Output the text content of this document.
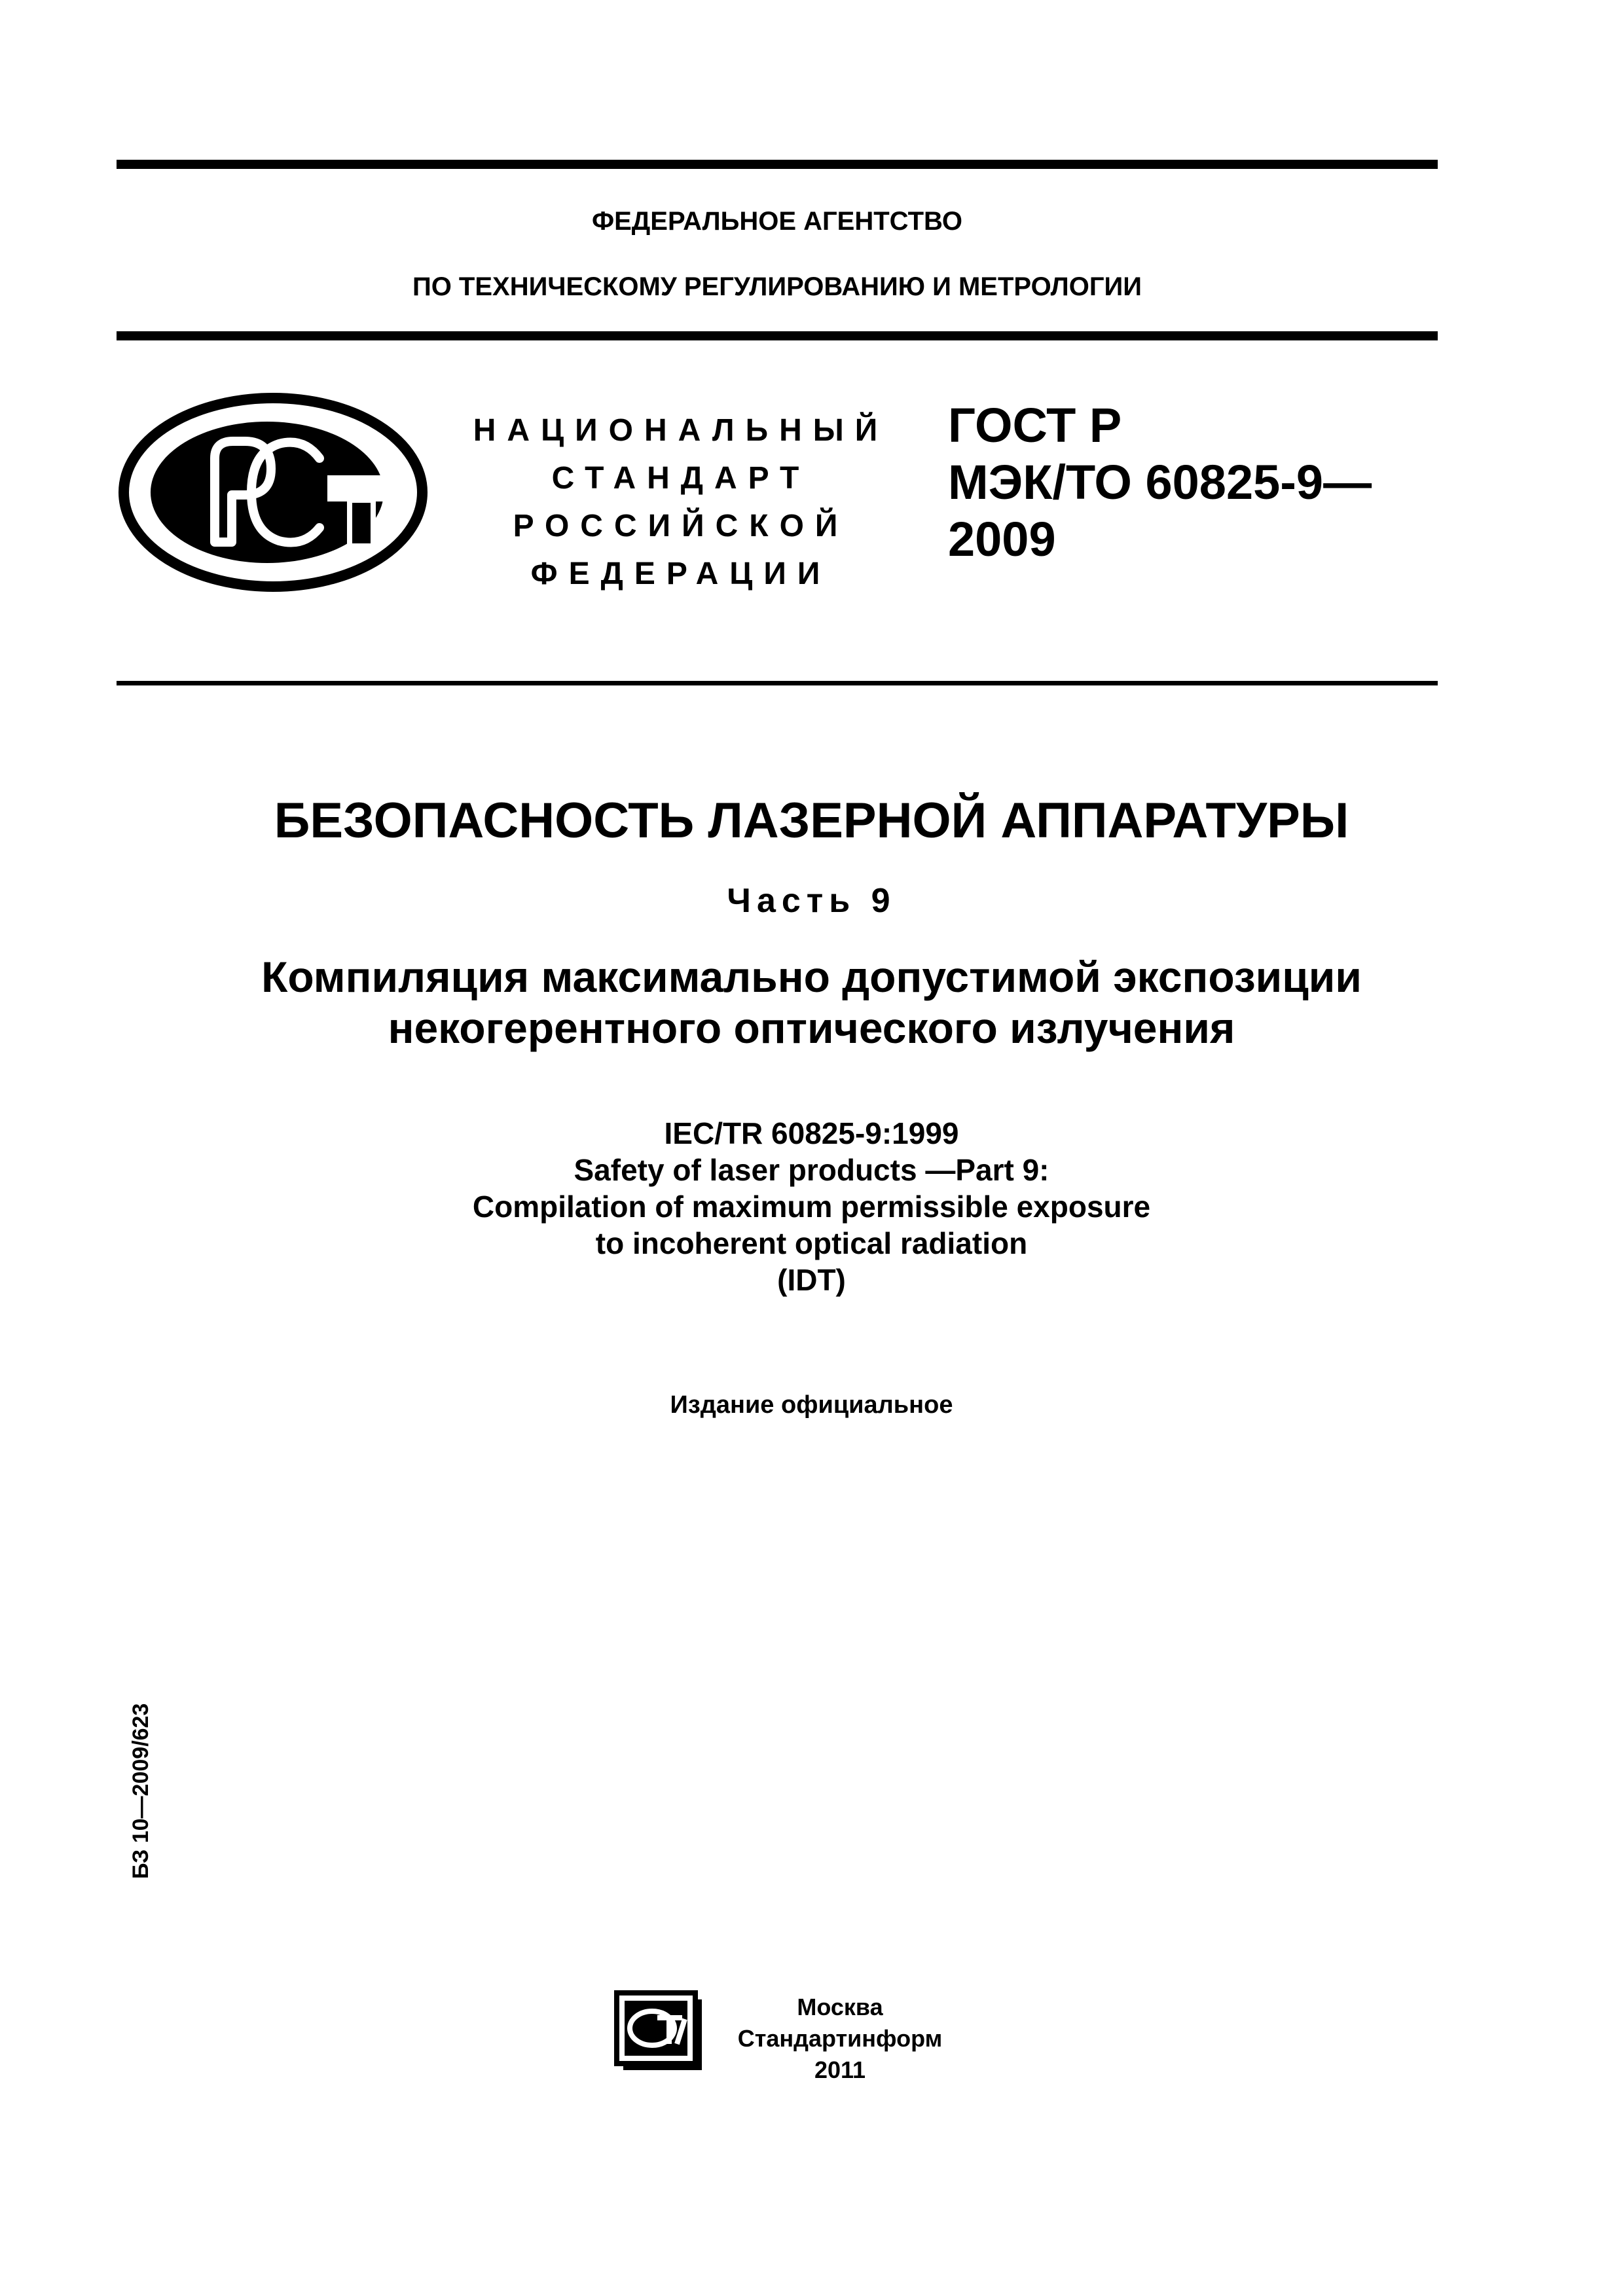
ФЕДЕРАЛЬНОЕ АГЕНТСТВО
ПО ТЕХНИЧЕСКОМУ РЕГУЛИРОВАНИЮ И МЕТРОЛОГИИ
НАЦИОНАЛЬНЫЙ
СТАНДАРТ
РОССИЙСКОЙ
ФЕДЕРАЦИИ
ГОСТ Р
МЭК/ТО 60825-9—
2009
БЕЗОПАСНОСТЬ ЛАЗЕРНОЙ АППАРАТУРЫ
Часть 9
Компиляция максимально допустимой экспозиции
некогерентного оптического излучения
IEC/TR 60825-9:1999
Safety of laser products —Part 9:
Compilation of maximum permissible exposure
to incoherent optical radiation
(IDT)
Издание официальное
БЗ 10—2009/623
Москва
Стандартинформ
2011
